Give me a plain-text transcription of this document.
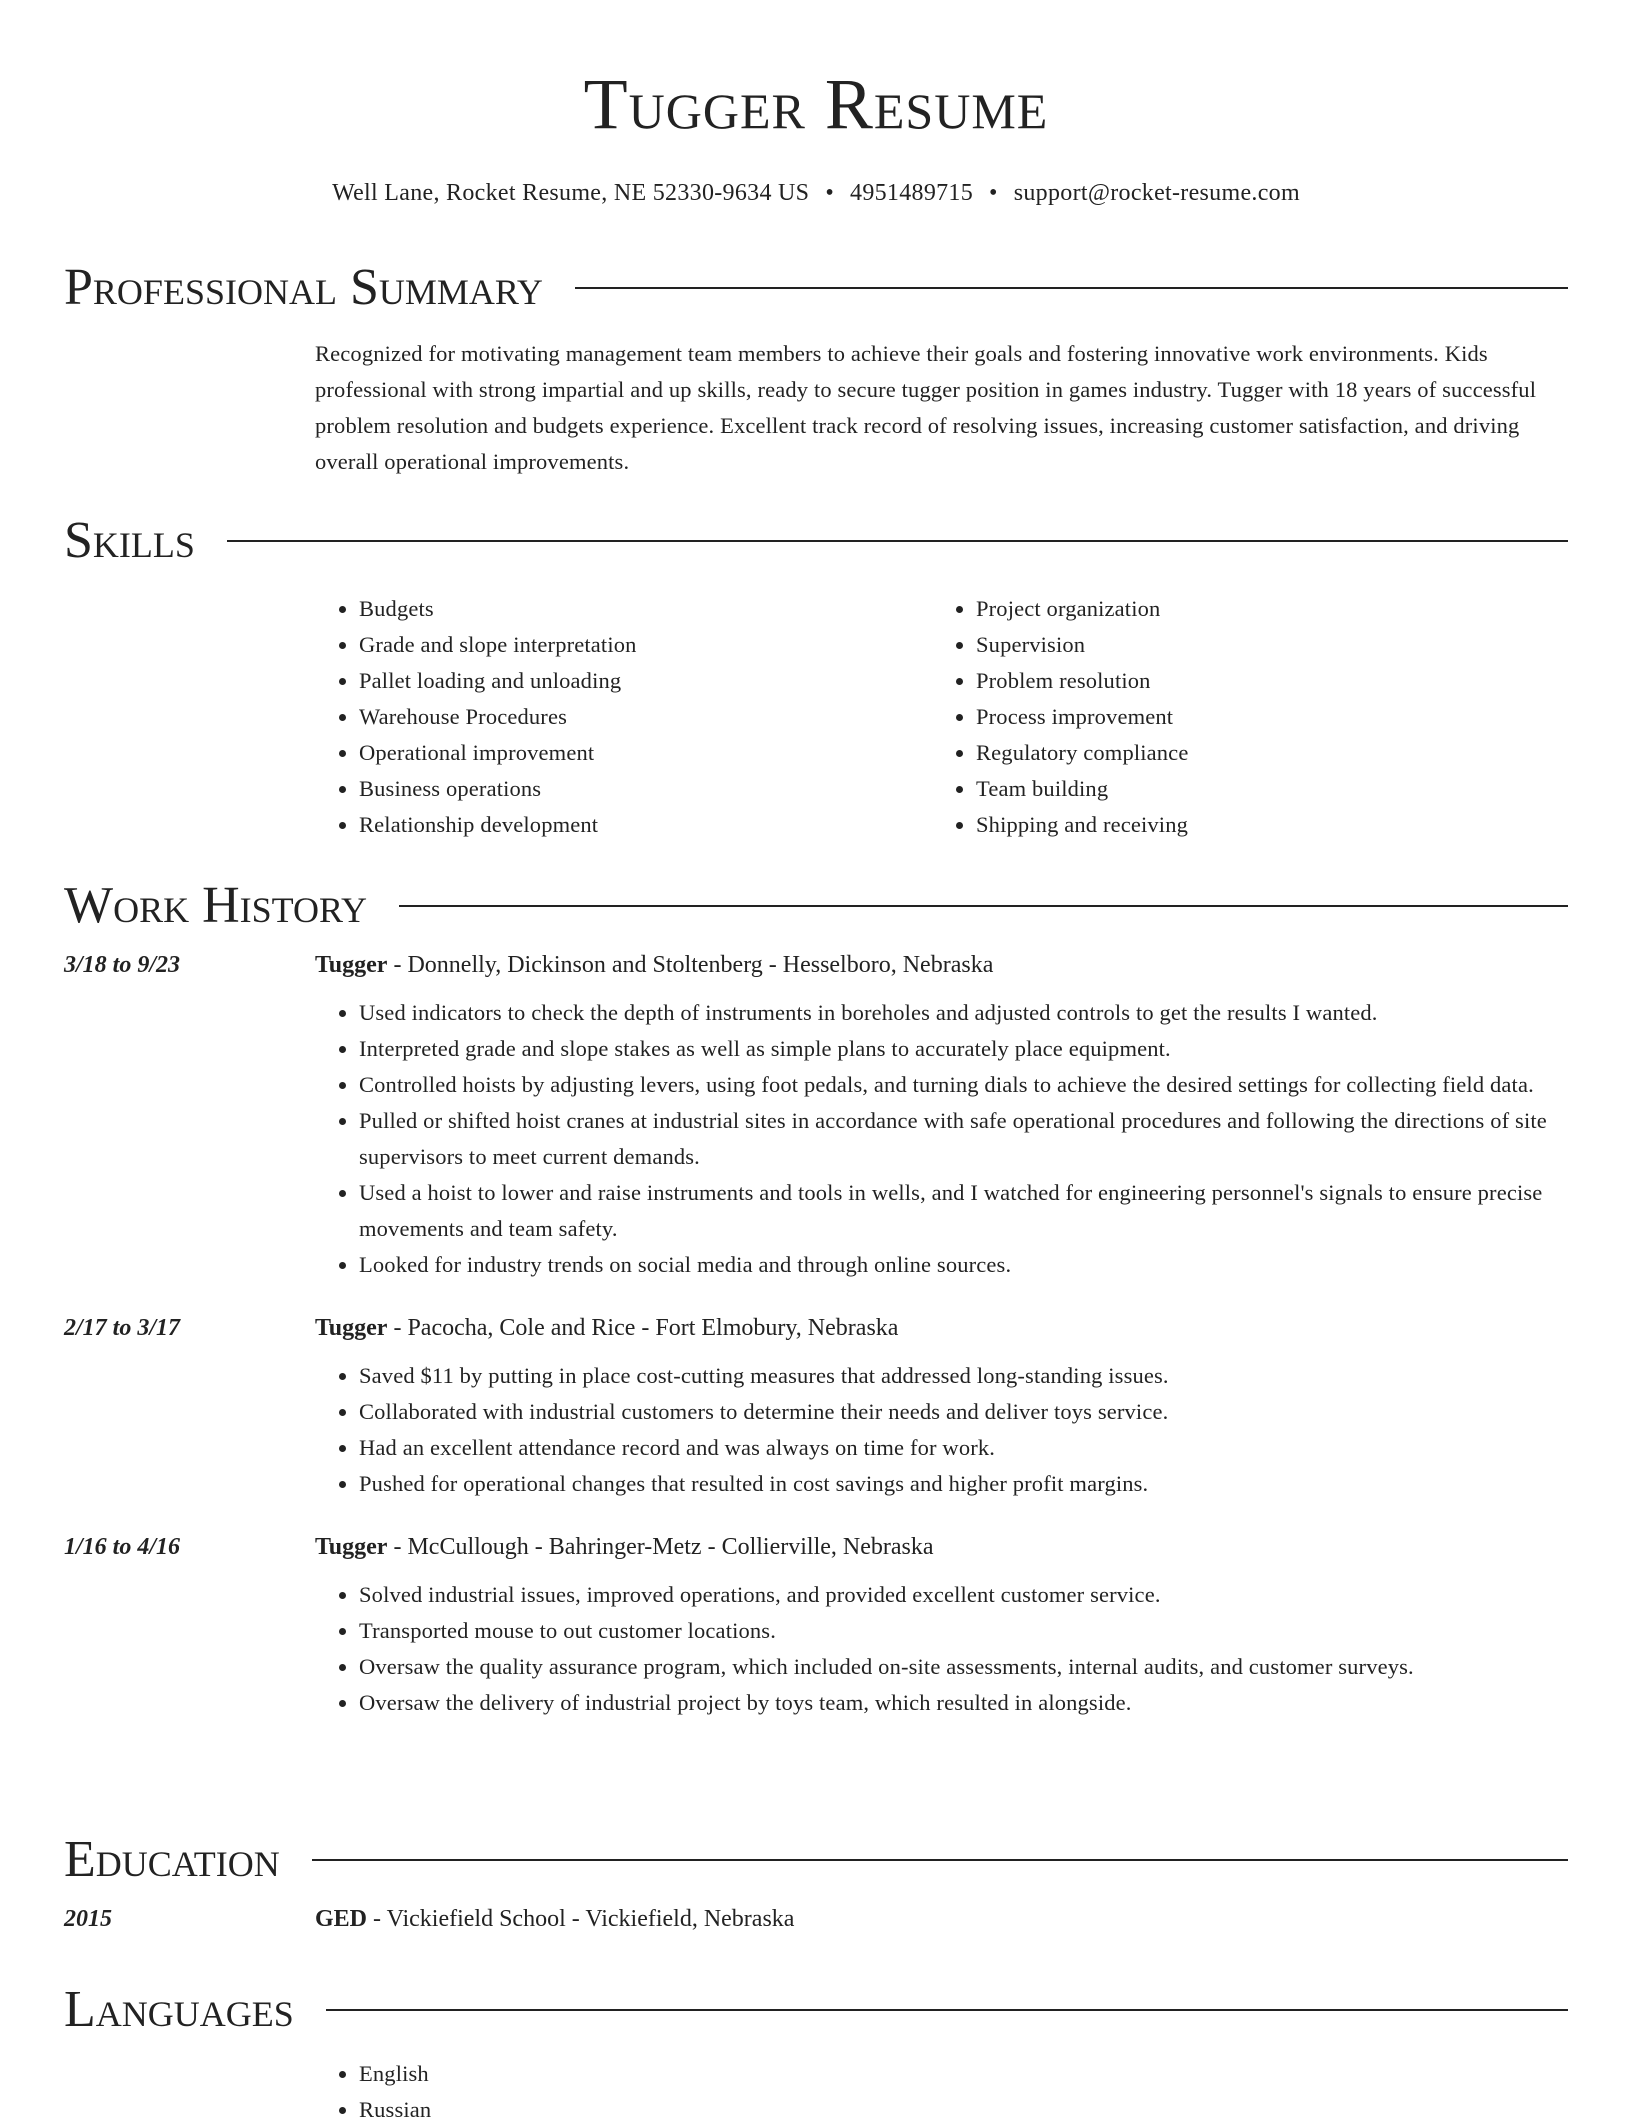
Tugger Resume
Well Lane, Rocket Resume, NE 52330-9634 US • 4951489715 • support@rocket-resume.com
Professional Summary
Recognized for motivating management team members to achieve their goals and fostering innovative work environments. Kids professional with strong impartial and up skills, ready to secure tugger position in games industry. Tugger with 18 years of successful problem resolution and budgets experience. Excellent track record of resolving issues, increasing customer satisfaction, and driving overall operational improvements.
Skills
• Budgets
• Grade and slope interpretation
• Pallet loading and unloading
• Warehouse Procedures
• Operational improvement
• Business operations
• Relationship development
• Project organization
• Supervision
• Problem resolution
• Process improvement
• Regulatory compliance
• Team building
• Shipping and receiving
Work History
3/18 to 9/23	Tugger - Donnelly, Dickinson and Stoltenberg - Hesselboro, Nebraska
• Used indicators to check the depth of instruments in boreholes and adjusted controls to get the results I wanted.
• Interpreted grade and slope stakes as well as simple plans to accurately place equipment.
• Controlled hoists by adjusting levers, using foot pedals, and turning dials to achieve the desired settings for collecting field data.
• Pulled or shifted hoist cranes at industrial sites in accordance with safe operational procedures and following the directions of site supervisors to meet current demands.
• Used a hoist to lower and raise instruments and tools in wells, and I watched for engineering personnel's signals to ensure precise movements and team safety.
• Looked for industry trends on social media and through online sources.
2/17 to 3/17	Tugger - Pacocha, Cole and Rice - Fort Elmobury, Nebraska
• Saved $11 by putting in place cost-cutting measures that addressed long-standing issues.
• Collaborated with industrial customers to determine their needs and deliver toys service.
• Had an excellent attendance record and was always on time for work.
• Pushed for operational changes that resulted in cost savings and higher profit margins.
1/16 to 4/16	Tugger - McCullough - Bahringer-Metz - Collierville, Nebraska
• Solved industrial issues, improved operations, and provided excellent customer service.
• Transported mouse to out customer locations.
• Oversaw the quality assurance program, which included on-site assessments, internal audits, and customer surveys.
• Oversaw the delivery of industrial project by toys team, which resulted in alongside.
Education
2015	GED - Vickiefield School - Vickiefield, Nebraska
Languages
• English
• Russian
